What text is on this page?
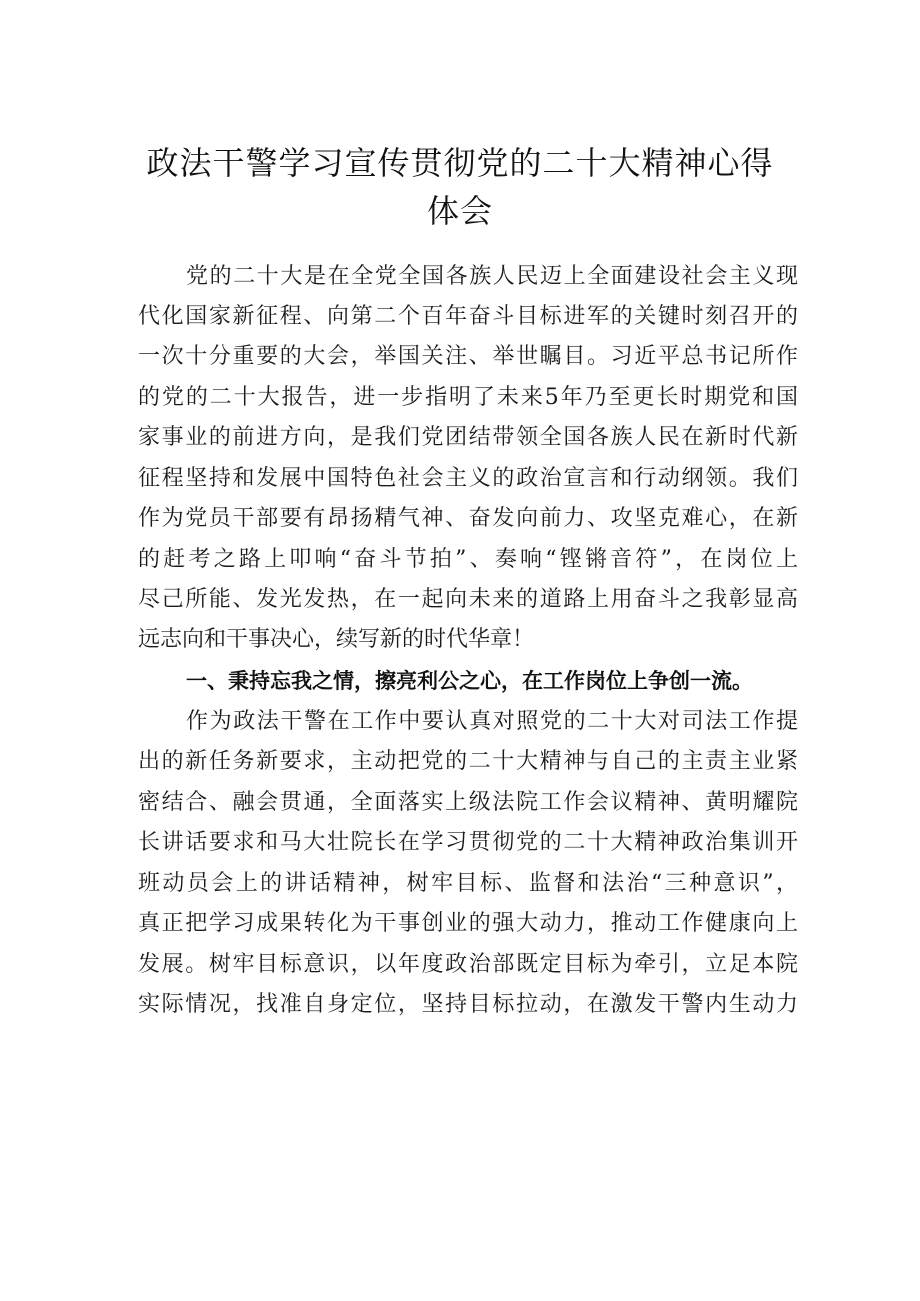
政法干警学习宣传贯彻党的二十大精神心得
体会
党的二十大是在全党全国各族人民迈上全面建设社会主义现
代化国家新征程、向第二个百年奋斗目标进军的关键时刻召开的
一次十分重要的大会，举国关注、举世瞩目。习近平总书记所作
的党的二十大报告，进一步指明了未来5年乃至更长时期党和国
家事业的前进方向，是我们党团结带领全国各族人民在新时代新
征程坚持和发展中国特色社会主义的政治宣言和行动纲领。我们
作为党员干部要有昂扬精气神、奋发向前力、攻坚克难心，在新
的赶考之路上叩响“奋斗节拍”、奏响“铿锵音符”，在岗位上
尽己所能、发光发热，在一起向未来的道路上用奋斗之我彰显高
远志向和干事决心，续写新的时代华章！
一、秉持忘我之情，擦亮利公之心，在工作岗位上争创一流。
作为政法干警在工作中要认真对照党的二十大对司法工作提
出的新任务新要求，主动把党的二十大精神与自己的主责主业紧
密结合、融会贯通，全面落实上级法院工作会议精神、黄明耀院
长讲话要求和马大壮院长在学习贯彻党的二十大精神政治集训开
班动员会上的讲话精神，树牢目标、监督和法治“三种意识”，
真正把学习成果转化为干事创业的强大动力，推动工作健康向上
发展。树牢目标意识，以年度政治部既定目标为牵引，立足本院
实际情况，找准自身定位，坚持目标拉动，在激发干警内生动力
